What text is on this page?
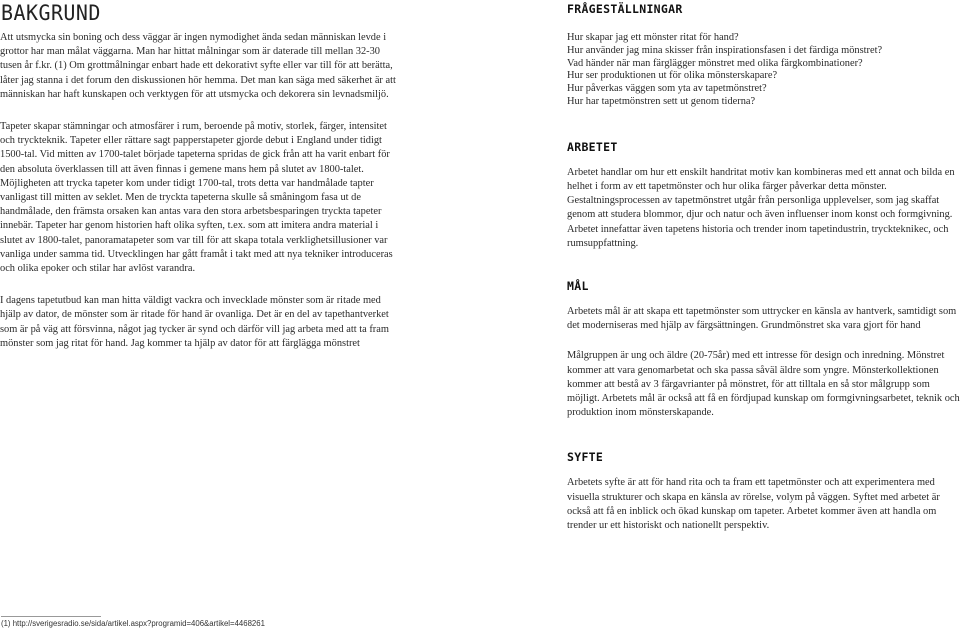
BAKGRUND

Att utsmycka sin boning och dess väggar är ingen nymodighet ända sedan människan levde i grottor har man målat väggarna. Man har hittat målningar som är daterade till mellan 32-30 tusen år f.kr. (1) Om grottmålningar enbart hade ett dekorativt syfte eller var till för att berätta, låter jag stanna i det forum den diskussionen hör hemma. Det man kan säga med säkerhet är att människan har haft kunskapen och verktygen för att utsmycka och dekorera sin levnadsmiljö.

Tapeter skapar stämningar och atmosfärer i rum, beroende på motiv, storlek, färger, intensitet och tryckteknik. Tapeter eller rättare sagt papperstapeter gjorde debut i England under tidigt 1500-tal. Vid mitten av 1700-talet började tapeterna spridas de gick från att ha varit enbart för den absoluta överklassen till att även finnas i gemene mans hem på slutet av 1800-talet. Möjligheten att trycka tapeter kom under tidigt 1700-tal, trots detta var handmålade tapter vanligast till mitten av seklet. Men de tryckta tapeterna skulle så småningom fasa ut de handmålade, den främsta orsaken kan antas vara den stora arbetsbesparingen tryckta tapeter innebär. Tapeter har genom historien haft olika syften, t.ex. som att imitera andra material i slutet av 1800-talet, panoramatapeter som var till för att skapa totala verklighetsillusioner var vanliga under samma tid. Utvecklingen har gått framåt i takt med att nya tekniker introduceras och olika epoker och stilar har avlöst varandra.

I dagens tapetutbud kan man hitta väldigt vackra och invecklade mönster som är ritade med hjälp av dator, de mönster som är ritade för hand är ovanliga. Det är en del av tapethantverket som är på väg att försvinna, något jag tycker är synd och därför vill jag arbeta med att ta fram mönster som jag ritat för hand. Jag kommer ta hjälp av dator för att färglägga mönstret

FRÅGESTÄLLNINGAR
Hur skapar jag ett mönster ritat för hand?
Hur använder jag mina skisser från inspirationsfasen i det färdiga mönstret?
Vad händer när man färglägger mönstret med olika färgkombinationer?
Hur ser produktionen ut för olika mönsterskapare?
Hur påverkas väggen som yta av tapetmönstret?
Hur har tapetmönstren sett ut genom tiderna?
ARBETET

Arbetet handlar om hur ett enskilt handritat motiv kan kombineras med ett annat och bilda en helhet i form av ett tapetmönster och hur olika färger påverkar detta mönster. Gestaltningsprocessen av tapetmönstret utgår från personliga upplevelser, som jag skaffat genom att studera blommor, djur och natur och även influenser inom konst och formgivning. Arbetet innefattar även tapetens historia och trender inom tapetindustrin, tryckteknikec, och rumsuppfattning.

MÅL

Arbetets mål är att skapa ett tapetmönster som uttrycker en känsla av hantverk, samtidigt som det moderniseras med hjälp av färgsättningen. Grundmönstret ska vara gjort för hand

Målgruppen är ung och äldre (20-75år) med ett intresse för design och inredning. Mönstret kommer att vara genomarbetat och ska passa såväl äldre som yngre. Mönsterkollektionen kommer att bestå av 3 färgavrianter på mönstret, för att tilltala en så stor målgrupp som möjligt. Arbetets mål är också att få en fördjupad kunskap om formgivningsarbetet, teknik och produktion inom mönsterskapande.

SYFTE

Arbetets syfte är att för hand rita och ta fram ett tapetmönster och att experimentera med visuella strukturer och skapa en känsla av rörelse, volym på väggen. Syftet med arbetet är också att få en inblick och ökad kunskap om tapeter. Arbetet kommer även att handla om trender ur ett historiskt och nationellt perspektiv.

(1) http://sverigesradio.se/sida/artikel.aspx?programid=406&artikel=4468261
